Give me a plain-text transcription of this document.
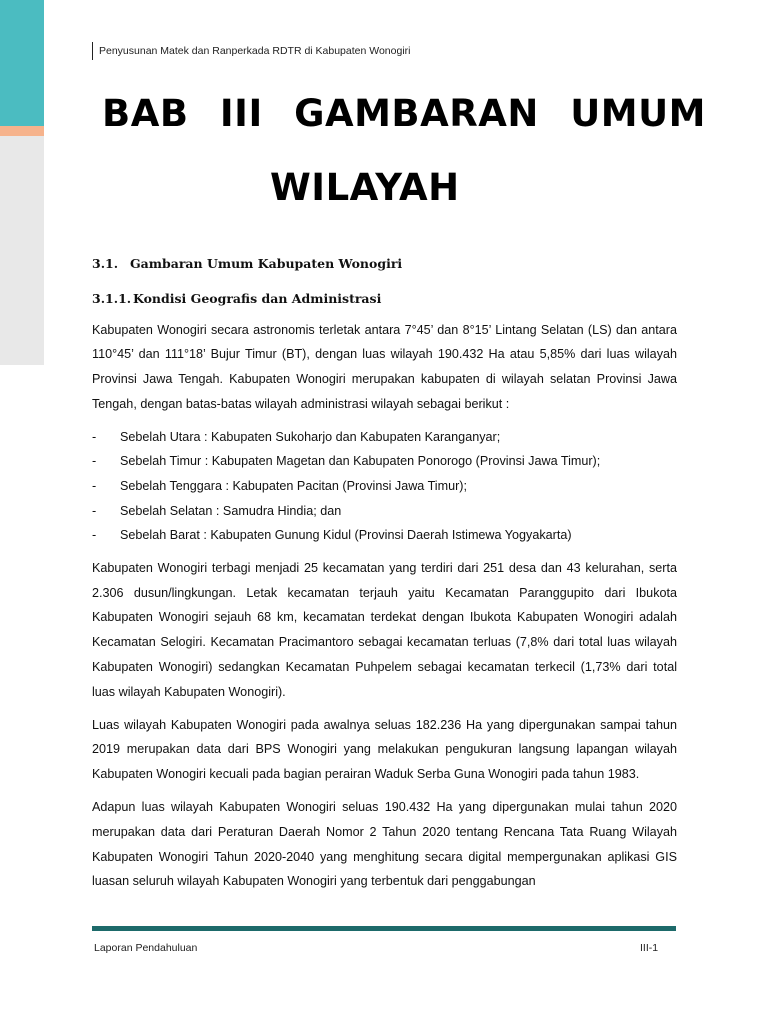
Penyusunan Matek dan Ranperkada RDTR di Kabupaten Wonogiri
BAB III GAMBARAN UMUM
WILAYAH
3.1. Gambaran Umum Kabupaten Wonogiri
3.1.1. Kondisi Geografis dan Administrasi

Kabupaten Wonogiri secara astronomis terletak antara 7°45’ dan 8°15’ Lintang Selatan (LS) dan antara 110°45’ dan 111°18’ Bujur Timur (BT), dengan luas wilayah 190.432 Ha atau 5,85% dari luas wilayah Provinsi Jawa Tengah. Kabupaten Wonogiri merupakan kabupaten di wilayah selatan Provinsi Jawa Tengah, dengan batas-batas wilayah administrasi wilayah sebagai berikut :

-	Sebelah Utara : Kabupaten Sukoharjo dan Kabupaten Karanganyar;
-	Sebelah Timur : Kabupaten Magetan dan Kabupaten Ponorogo (Provinsi Jawa Timur);
-	Sebelah Tenggara : Kabupaten Pacitan (Provinsi Jawa Timur);
-	Sebelah Selatan : Samudra Hindia; dan
-	Sebelah Barat : Kabupaten Gunung Kidul (Provinsi Daerah Istimewa Yogyakarta)

Kabupaten Wonogiri terbagi menjadi 25 kecamatan yang terdiri dari 251 desa dan 43 kelurahan, serta 2.306 dusun/lingkungan. Letak kecamatan terjauh yaitu Kecamatan Paranggupito dari Ibukota Kabupaten Wonogiri sejauh 68 km, kecamatan terdekat dengan Ibukota Kabupaten Wonogiri adalah Kecamatan Selogiri. Kecamatan Pracimantoro sebagai kecamatan terluas (7,8% dari total luas wilayah Kabupaten Wonogiri) sedangkan Kecamatan Puhpelem sebagai kecamatan terkecil (1,73% dari total luas wilayah Kabupaten Wonogiri).

Luas wilayah Kabupaten Wonogiri pada awalnya seluas 182.236 Ha yang dipergunakan sampai tahun 2019 merupakan data dari BPS Wonogiri yang melakukan pengukuran langsung lapangan wilayah Kabupaten Wonogiri kecuali pada bagian perairan Waduk Serba Guna Wonogiri pada tahun 1983.

Adapun luas wilayah Kabupaten Wonogiri seluas 190.432 Ha yang dipergunakan mulai tahun 2020 merupakan data dari Peraturan Daerah Nomor 2 Tahun 2020 tentang Rencana Tata Ruang Wilayah Kabupaten Wonogiri Tahun 2020-2040 yang menghitung secara digital mempergunakan aplikasi GIS luasan seluruh wilayah Kabupaten Wonogiri yang terbentuk dari penggabungan

Laporan Pendahuluan	III-1
